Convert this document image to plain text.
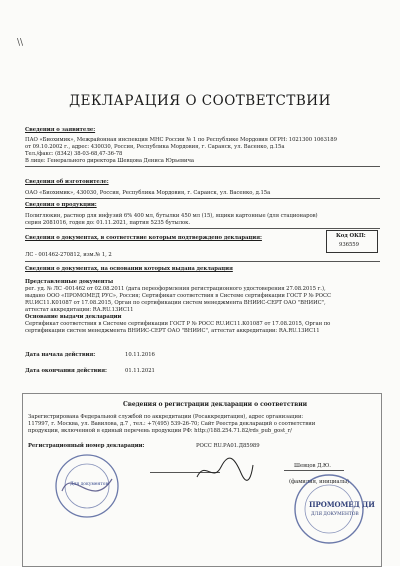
\\
ДЕКЛАРАЦИЯ О СООТВЕТСТВИИ
Сведения о заявителе:
ПАО «Биохимик», Межрайонная инспекция МНС России № 1 по Республике Мордовия ОГРН: 1021300 1063189
от 09.10.2002 г., адрес: 430030, Россия, Республика Мордовия, г. Саранск, ул. Васенко, д.15а
Тел./факс: (8342) 38-03-68,47-36-78
В лице: Генерального директора Шевцова Дениса Юрьевича
Сведения об изготовителе:
ОАО «Биохимик», 430030, Россия, Республика Мордовия, г. Саранск, ул. Васенко, д.15а
Сведения о продукции:
Полиглюкин, раствор для инфузий 6% 400 мл, бутылки 450 мл (15), ящики картонные (для стационаров)
серия 2081016, годен до: 01.11.2021, партия 5235 бутылок.
Сведения о документах, в соответствие которым подтверждено декларация:
ЛС - 001462-270812, изм.№ 1, 2
Код ОКП:
936559
Сведения о документах, на основании которых выдана декларация
Представленные документы
рег. уд. № ЛС -001462 от 02.08.2011 (дата переоформления регистрационного удостоверения 27.08.2015 г.),
выдано ООО «ПРОМОМЕД РУС», Россия; Сертификат соответствия в Системе сертификации ГОСТ Р № РОСС
RU.ИС11.К01087 от 17.08.2015, Орган по сертификации систем менеджмента ВНИИС-СЕРТ ОАО "ВНИИС",
аттестат аккредитации: RA.RU.13ИС11
Основание выдачи декларации
Сертификат соответствия в Системе сертификации ГОСТ Р № РОСС RU.ИС11.К01087 от 17.08.2015, Орган по
сертификации систем менеджмента ВНИИС-СЕРТ ОАО "ВНИИС", аттестат аккредитации: RA.RU.13ИС11
Дата начала действия:	10.11.2016
Дата окончания действия:	01.11.2021
Сведения о регистрации декларации о соответствии
Зарегистрирована Федеральной службой по аккредитации (Росаккредитация), адрес организации:
117997, г. Москва, ул. Вавилова, д.7 , тел.: +7(495) 539-26-70; Сайт Реестра деклараций о соответствии
продукции, включенной в единый перечень продукции РФ: http://188.254.71.82/rds_pub_gost_r/
Регистрационный номер декларации:	РОСС RU.РА01.Д85989
Для документов
Шевцов Д.Ю.
(фамилия, инициалы)
ПРОМОМЕД ДИ
ДЛЯ ДОКУМЕНТОВ
